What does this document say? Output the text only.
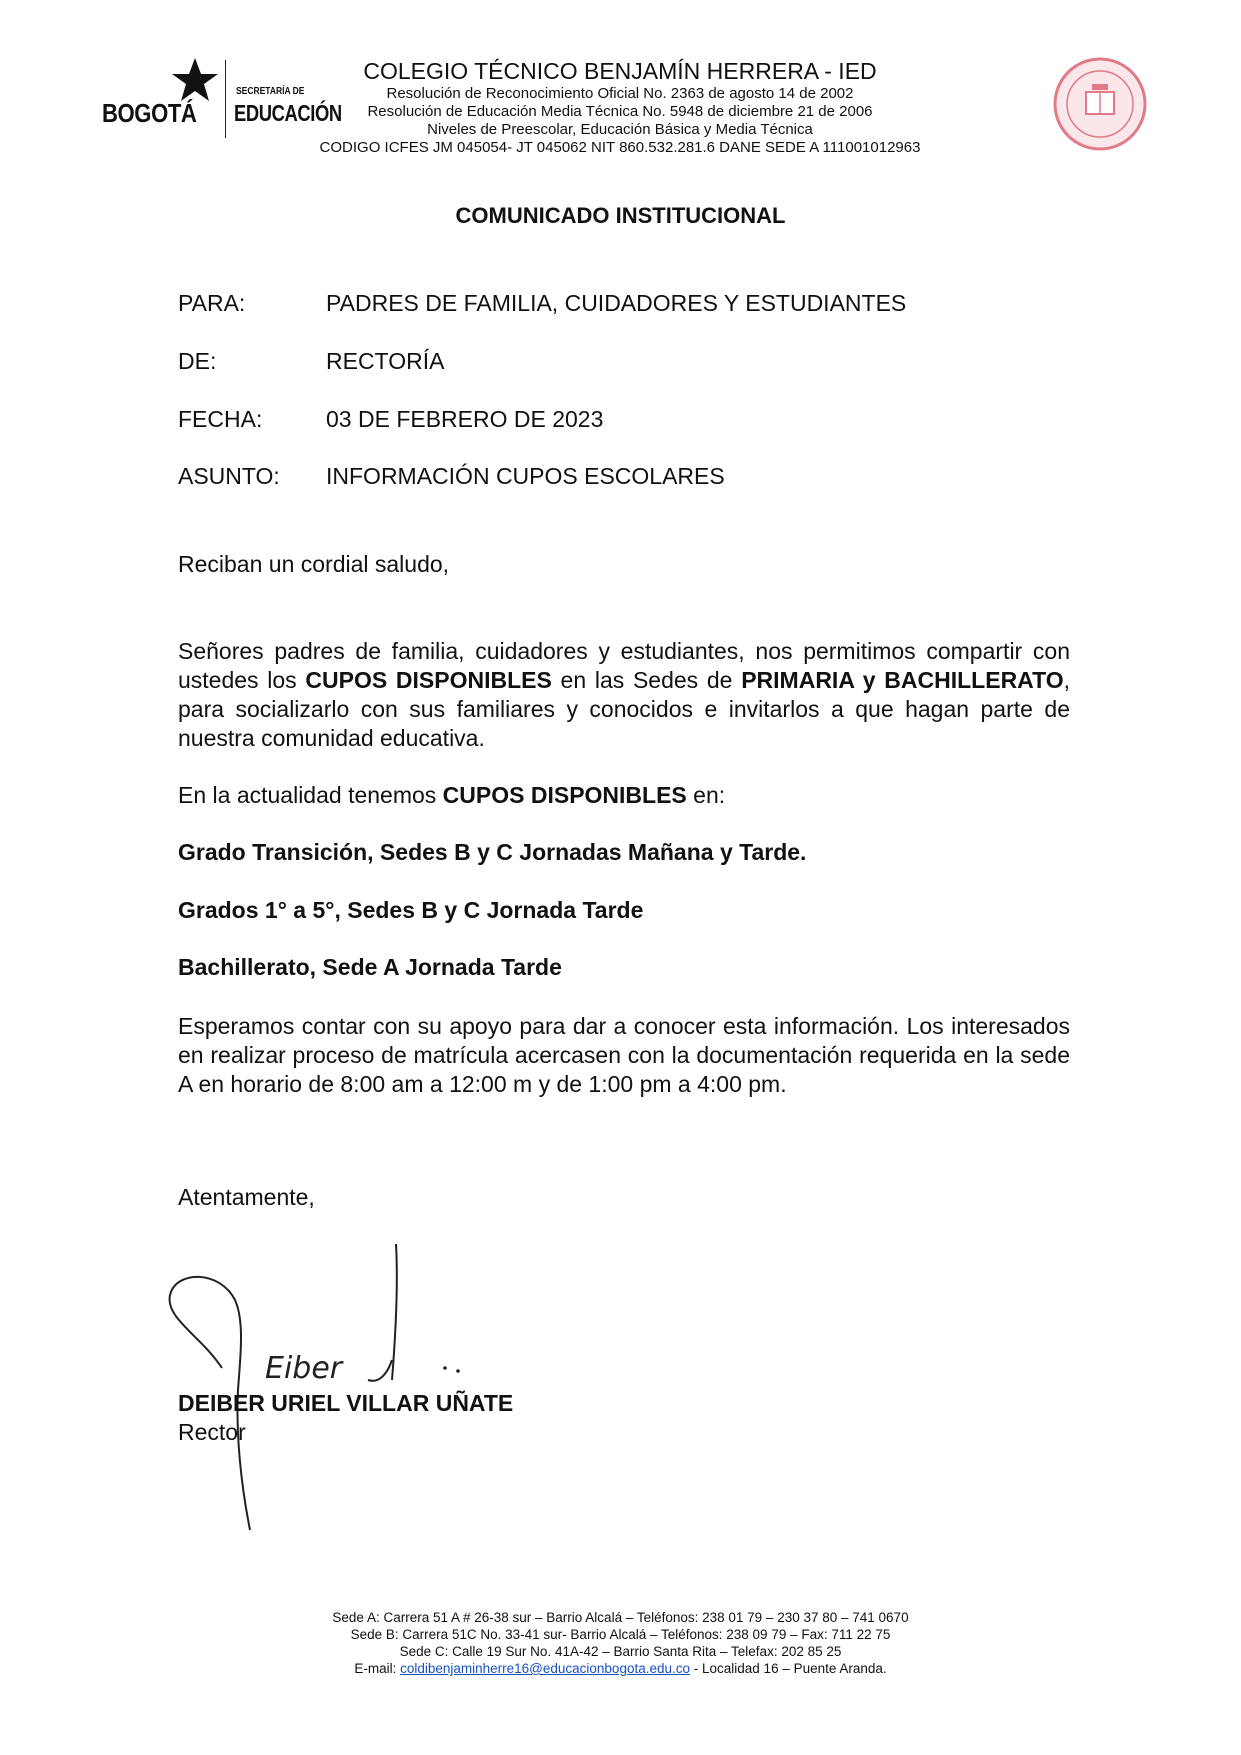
BOGOTÁ
SECRETARÍA DE
EDUCACIÓN
COLEGIO TÉCNICO BENJAMÍN HERRERA - IED
Resolución de Reconocimiento Oficial No. 2363 de agosto 14 de 2002
Resolución de Educación Media Técnica No. 5948 de diciembre 21 de 2006
Niveles de Preescolar, Educación Básica y Media Técnica
CODIGO ICFES JM 045054- JT 045062 NIT 860.532.281.6 DANE SEDE A 111001012963
COMUNICADO INSTITUCIONAL
PARA:	PADRES DE FAMILIA, CUIDADORES Y ESTUDIANTES
DE:	RECTORÍA
FECHA:	03 DE FEBRERO DE 2023
ASUNTO: INFORMACIÓN CUPOS ESCOLARES
Reciban un cordial saludo,
Señores padres de familia, cuidadores y estudiantes, nos permitimos compartir con ustedes los CUPOS DISPONIBLES en las Sedes de PRIMARIA y BACHILLERATO, para socializarlo con sus familiares y conocidos e invitarlos a que hagan parte de nuestra comunidad educativa.
En la actualidad tenemos CUPOS DISPONIBLES en:
Grado Transición, Sedes B y C Jornadas Mañana y Tarde.
Grados 1° a 5°, Sedes B y C Jornada Tarde
Bachillerato, Sede A Jornada Tarde
Esperamos contar con su apoyo para dar a conocer esta información. Los interesados en realizar proceso de matrícula acercasen con la documentación requerida en la sede A en horario de 8:00 am a 12:00 m y de 1:00 pm a 4:00 pm.
Atentamente,
Eiber
DEIBER URIEL VILLAR UÑATE
Rector
Sede A: Carrera 51 A # 26-38 sur – Barrio Alcalá – Teléfonos: 238 01 79 – 230 37 80 – 741 0670
Sede B: Carrera 51C No. 33-41 sur- Barrio Alcalá – Teléfonos: 238 09 79 – Fax: 711 22 75
Sede C: Calle 19 Sur No. 41A-42 – Barrio Santa Rita – Telefax: 202 85 25
E-mail: coldibenjaminherre16@educacionbogota.edu.co - Localidad 16 – Puente Aranda.
